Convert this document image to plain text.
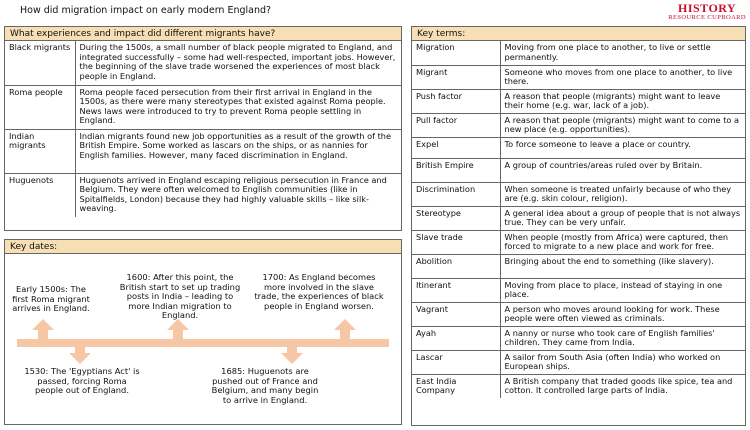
How did migration impact on early modern England?	HISTORY
RESOURCE CUPBOARD
What experiences and impact did different migrants have?
Black migrants	During the 1500s, a small number of black people migrated to England, and integrated successfully – some had well-respected, important jobs. However, the beginning of the slave trade worsened the experiences of most black people in England.
Roma people	Roma people faced persecution from their first arrival in England in the 1500s, as there were many stereotypes that existed against Roma people. News laws were introduced to try to prevent Roma people settling in England.
Indian migrants	Indian migrants found new job opportunities as a result of the growth of the British Empire. Some worked as lascars on the ships, or as nannies for English families. However, many faced discrimination in England.
Huguenots	Huguenots arrived in England escaping religious persecution in France and Belgium. They were often welcomed to English communities (like in Spitalfields, London) because they had highly valuable skills – like silk-weaving.
Key dates:
Early 1500s: The first Roma migrant arrives in England.
1530: The 'Egyptians Act' is passed, forcing Roma people out of England.
1600: After this point, the British start to set up trading posts in India – leading to more Indian migration to England.
1685: Huguenots are pushed out of France and Belgium, and many begin to arrive in England.
1700: As England becomes more involved in the slave trade, the experiences of black people in England worsen.
Key terms:
Migration	Moving from one place to another, to live or settle permanently.
Migrant	Someone who moves from one place to another, to live there.
Push factor	A reason that people (migrants) might want to leave their home (e.g. war, lack of a job).
Pull factor	A reason that people (migrants) might want to come to a new place (e.g. opportunities).
Expel	To force someone to leave a place or country.
British Empire	A group of countries/areas ruled over by Britain.
Discrimination	When someone is treated unfairly because of who they are (e.g. skin colour, religion).
Stereotype	A general idea about a group of people that is not always true. They can be very unfair.
Slave trade	When people (mostly from Africa) were captured, then forced to migrate to a new place and work for free.
Abolition	Bringing about the end to something (like slavery).
Itinerant	Moving from place to place, instead of staying in one place.
Vagrant	A person who moves around looking for work. These people were often viewed as criminals.
Ayah	A nanny or nurse who took care of English families' children. They came from India.
Lascar	A sailor from South Asia (often India) who worked on European ships.
East India Company	A British company that traded goods like spice, tea and cotton. It controlled large parts of India.
